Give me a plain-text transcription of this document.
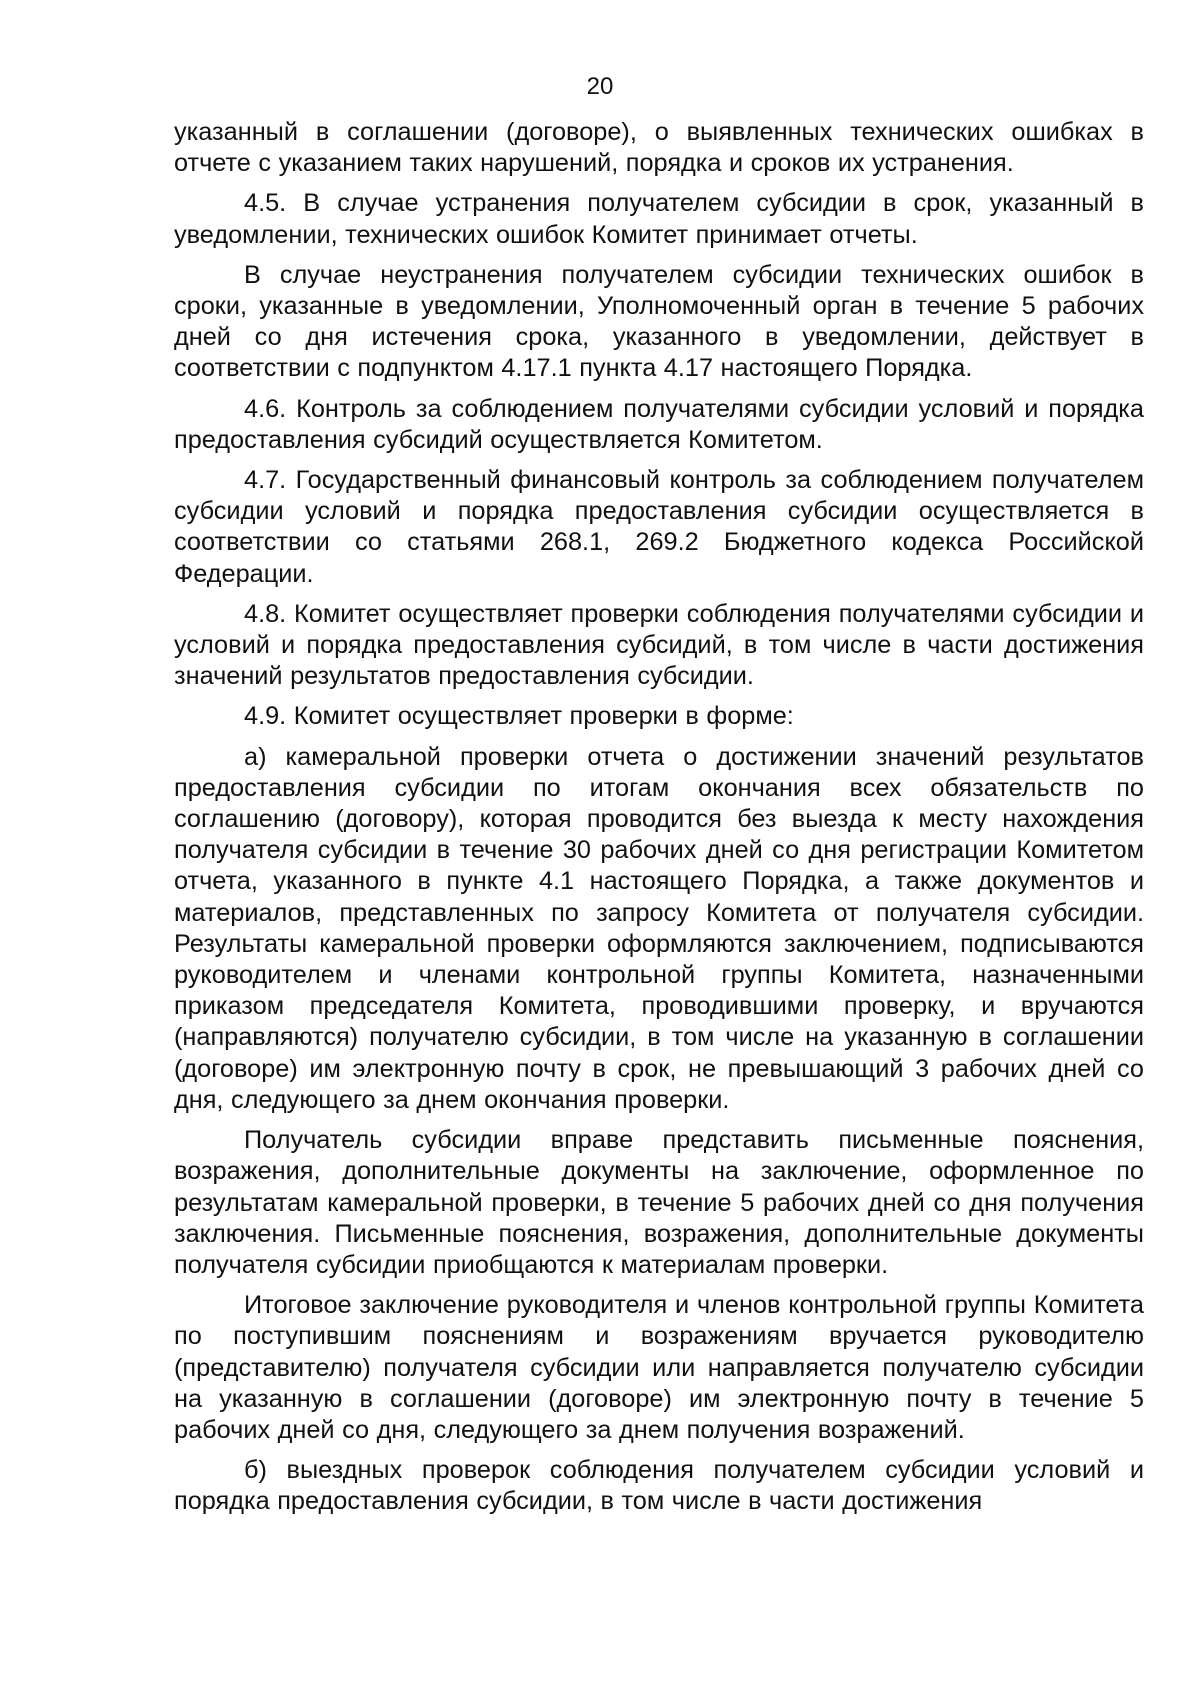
20

указанный в соглашении (договоре), о выявленных технических ошибках в отчете с указанием таких нарушений, порядка и сроков их устранения.

4.5. В случае устранения получателем субсидии в срок, указанный в уведомлении, технических ошибок Комитет принимает отчеты.

В случае неустранения получателем субсидии технических ошибок в сроки, указанные в уведомлении, Уполномоченный орган в течение 5 рабочих дней со дня истечения срока, указанного в уведомлении, действует в соответствии с подпунктом 4.17.1 пункта 4.17 настоящего Порядка.

4.6. Контроль за соблюдением получателями субсидии условий и порядка предоставления субсидий осуществляется Комитетом.

4.7. Государственный финансовый контроль за соблюдением получателем субсидии условий и порядка предоставления субсидии осуществляется в соответствии со статьями 268.1, 269.2 Бюджетного кодекса Российской Федерации.

4.8. Комитет осуществляет проверки соблюдения получателями субсидии и условий и порядка предоставления субсидий, в том числе в части достижения значений результатов предоставления субсидии.

4.9. Комитет осуществляет проверки в форме:

а) камеральной проверки отчета о достижении значений результатов предоставления субсидии по итогам окончания всех обязательств по соглашению (договору), которая проводится без выезда к месту нахождения получателя субсидии в течение 30 рабочих дней со дня регистрации Комитетом отчета, указанного в пункте 4.1 настоящего Порядка, а также документов и материалов, представленных по запросу Комитета от получателя субсидии. Результаты камеральной проверки оформляются заключением, подписываются руководителем и членами контрольной группы Комитета, назначенными приказом председателя Комитета, проводившими проверку, и вручаются (направляются) получателю субсидии, в том числе на указанную в соглашении (договоре) им электронную почту в срок, не превышающий 3 рабочих дней со дня, следующего за днем окончания проверки.

Получатель субсидии вправе представить письменные пояснения, возражения, дополнительные документы на заключение, оформленное по результатам камеральной проверки, в течение 5 рабочих дней со дня получения заключения. Письменные пояснения, возражения, дополнительные документы получателя субсидии приобщаются к материалам проверки.

Итоговое заключение руководителя и членов контрольной группы Комитета по поступившим пояснениям и возражениям вручается руководителю (представителю) получателя субсидии или направляется получателю субсидии на указанную в соглашении (договоре) им электронную почту в течение 5 рабочих дней со дня, следующего за днем получения возражений.

б) выездных проверок соблюдения получателем субсидии условий и порядка предоставления субсидии, в том числе в части достижения
